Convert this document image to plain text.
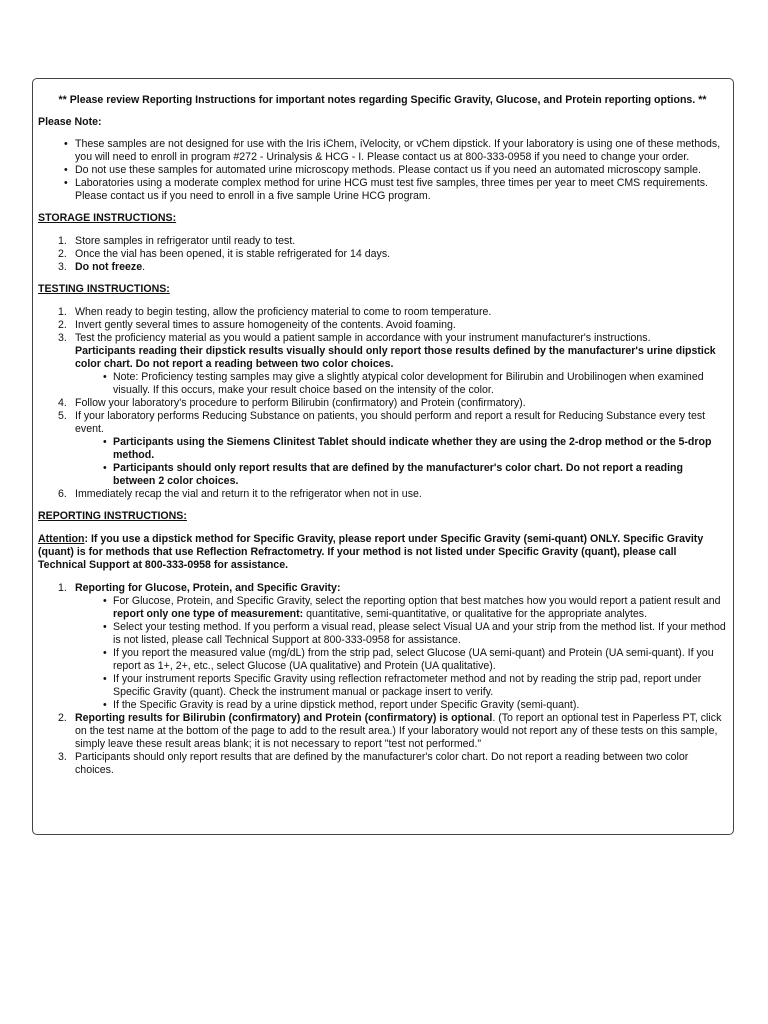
** Please review Reporting Instructions for important notes regarding Specific Gravity, Glucose, and Protein reporting options. **

Please Note:

• These samples are not designed for use with the Iris iChem, iVelocity, or vChem dipstick. If your laboratory is using one of these methods, you will need to enroll in program #272 - Urinalysis & HCG - I. Please contact us at 800-333-0958 if you need to change your order.
• Do not use these samples for automated urine microscopy methods. Please contact us if you need an automated microscopy sample.
• Laboratories using a moderate complex method for urine HCG must test five samples, three times per year to meet CMS requirements. Please contact us if you need to enroll in a five sample Urine HCG program.

STORAGE INSTRUCTIONS:

1. Store samples in refrigerator until ready to test.
2. Once the vial has been opened, it is stable refrigerated for 14 days.
3. Do not freeze.

TESTING INSTRUCTIONS:

1. When ready to begin testing, allow the proficiency material to come to room temperature.
2. Invert gently several times to assure homogeneity of the contents. Avoid foaming.
3. Test the proficiency material as you would a patient sample in accordance with your instrument manufacturer's instructions.
Participants reading their dipstick results visually should only report those results defined by the manufacturer's urine dipstick color chart. Do not report a reading between two color choices.
• Note: Proficiency testing samples may give a slightly atypical color development for Bilirubin and Urobilinogen when examined visually. If this occurs, make your result choice based on the intensity of the color.
4. Follow your laboratory's procedure to perform Bilirubin (confirmatory) and Protein (confirmatory).
5. If your laboratory performs Reducing Substance on patients, you should perform and report a result for Reducing Substance every test event.
• Participants using the Siemens Clinitest Tablet should indicate whether they are using the 2-drop method or the 5-drop method.
• Participants should only report results that are defined by the manufacturer's color chart. Do not report a reading between 2 color choices.
6. Immediately recap the vial and return it to the refrigerator when not in use.

REPORTING INSTRUCTIONS:

Attention: If you use a dipstick method for Specific Gravity, please report under Specific Gravity (semi-quant) ONLY. Specific Gravity (quant) is for methods that use Reflection Refractometry. If your method is not listed under Specific Gravity (quant), please call Technical Support at 800-333-0958 for assistance.

1. Reporting for Glucose, Protein, and Specific Gravity:
• For Glucose, Protein, and Specific Gravity, select the reporting option that best matches how you would report a patient result and report only one type of measurement: quantitative, semi-quantitative, or qualitative for the appropriate analytes.
• Select your testing method. If you perform a visual read, please select Visual UA and your strip from the method list. If your method is not listed, please call Technical Support at 800-333-0958 for assistance.
• If you report the measured value (mg/dL) from the strip pad, select Glucose (UA semi-quant) and Protein (UA semi-quant). If you report as 1+, 2+, etc., select Glucose (UA qualitative) and Protein (UA qualitative).
• If your instrument reports Specific Gravity using reflection refractometer method and not by reading the strip pad, report under Specific Gravity (quant). Check the instrument manual or package insert to verify.
• If the Specific Gravity is read by a urine dipstick method, report under Specific Gravity (semi-quant).
2. Reporting results for Bilirubin (confirmatory) and Protein (confirmatory) is optional. (To report an optional test in Paperless PT, click on the test name at the bottom of the page to add to the result area.) If your laboratory would not report any of these tests on this sample, simply leave these result areas blank; it is not necessary to report "test not performed."
3. Participants should only report results that are defined by the manufacturer's color chart. Do not report a reading between two color choices.
